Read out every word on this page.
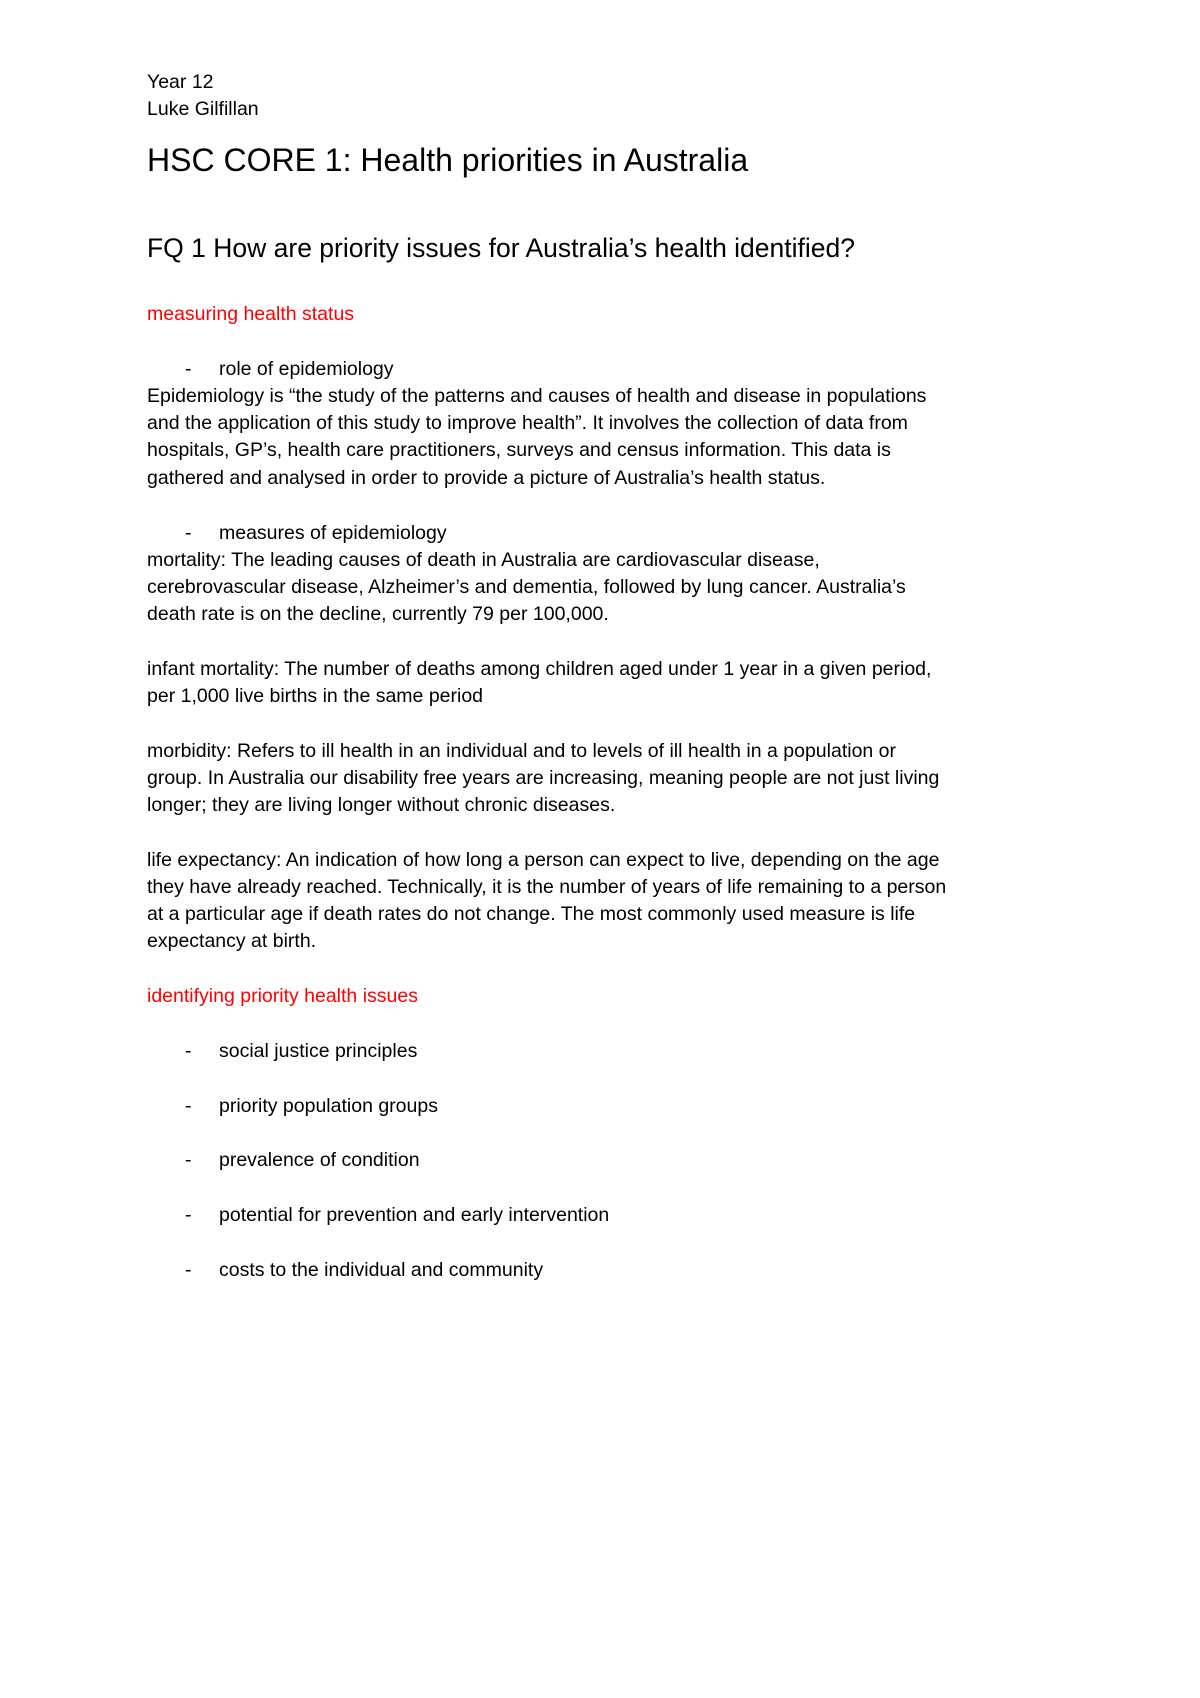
Year 12
Luke Gilfillan
HSC CORE 1: Health priorities in Australia
FQ 1 How are priority issues for Australia’s health identified?
measuring health status
- role of epidemiology
Epidemiology is “the study of the patterns and causes of health and disease in populations
and the application of this study to improve health”. It involves the collection of data from
hospitals, GP’s, health care practitioners, surveys and census information. This data is
gathered and analysed in order to provide a picture of Australia’s health status.
- measures of epidemiology
mortality: The leading causes of death in Australia are cardiovascular disease,
cerebrovascular disease, Alzheimer’s and dementia, followed by lung cancer. Australia’s
death rate is on the decline, currently 79 per 100,000.
infant mortality: The number of deaths among children aged under 1 year in a given period,
per 1,000 live births in the same period
morbidity: Refers to ill health in an individual and to levels of ill health in a population or
group. In Australia our disability free years are increasing, meaning people are not just living
longer; they are living longer without chronic diseases.
life expectancy: An indication of how long a person can expect to live, depending on the age
they have already reached. Technically, it is the number of years of life remaining to a person
at a particular age if death rates do not change. The most commonly used measure is life
expectancy at birth.
identifying priority health issues
- social justice principles
- priority population groups
- prevalence of condition
- potential for prevention and early intervention
- costs to the individual and community
